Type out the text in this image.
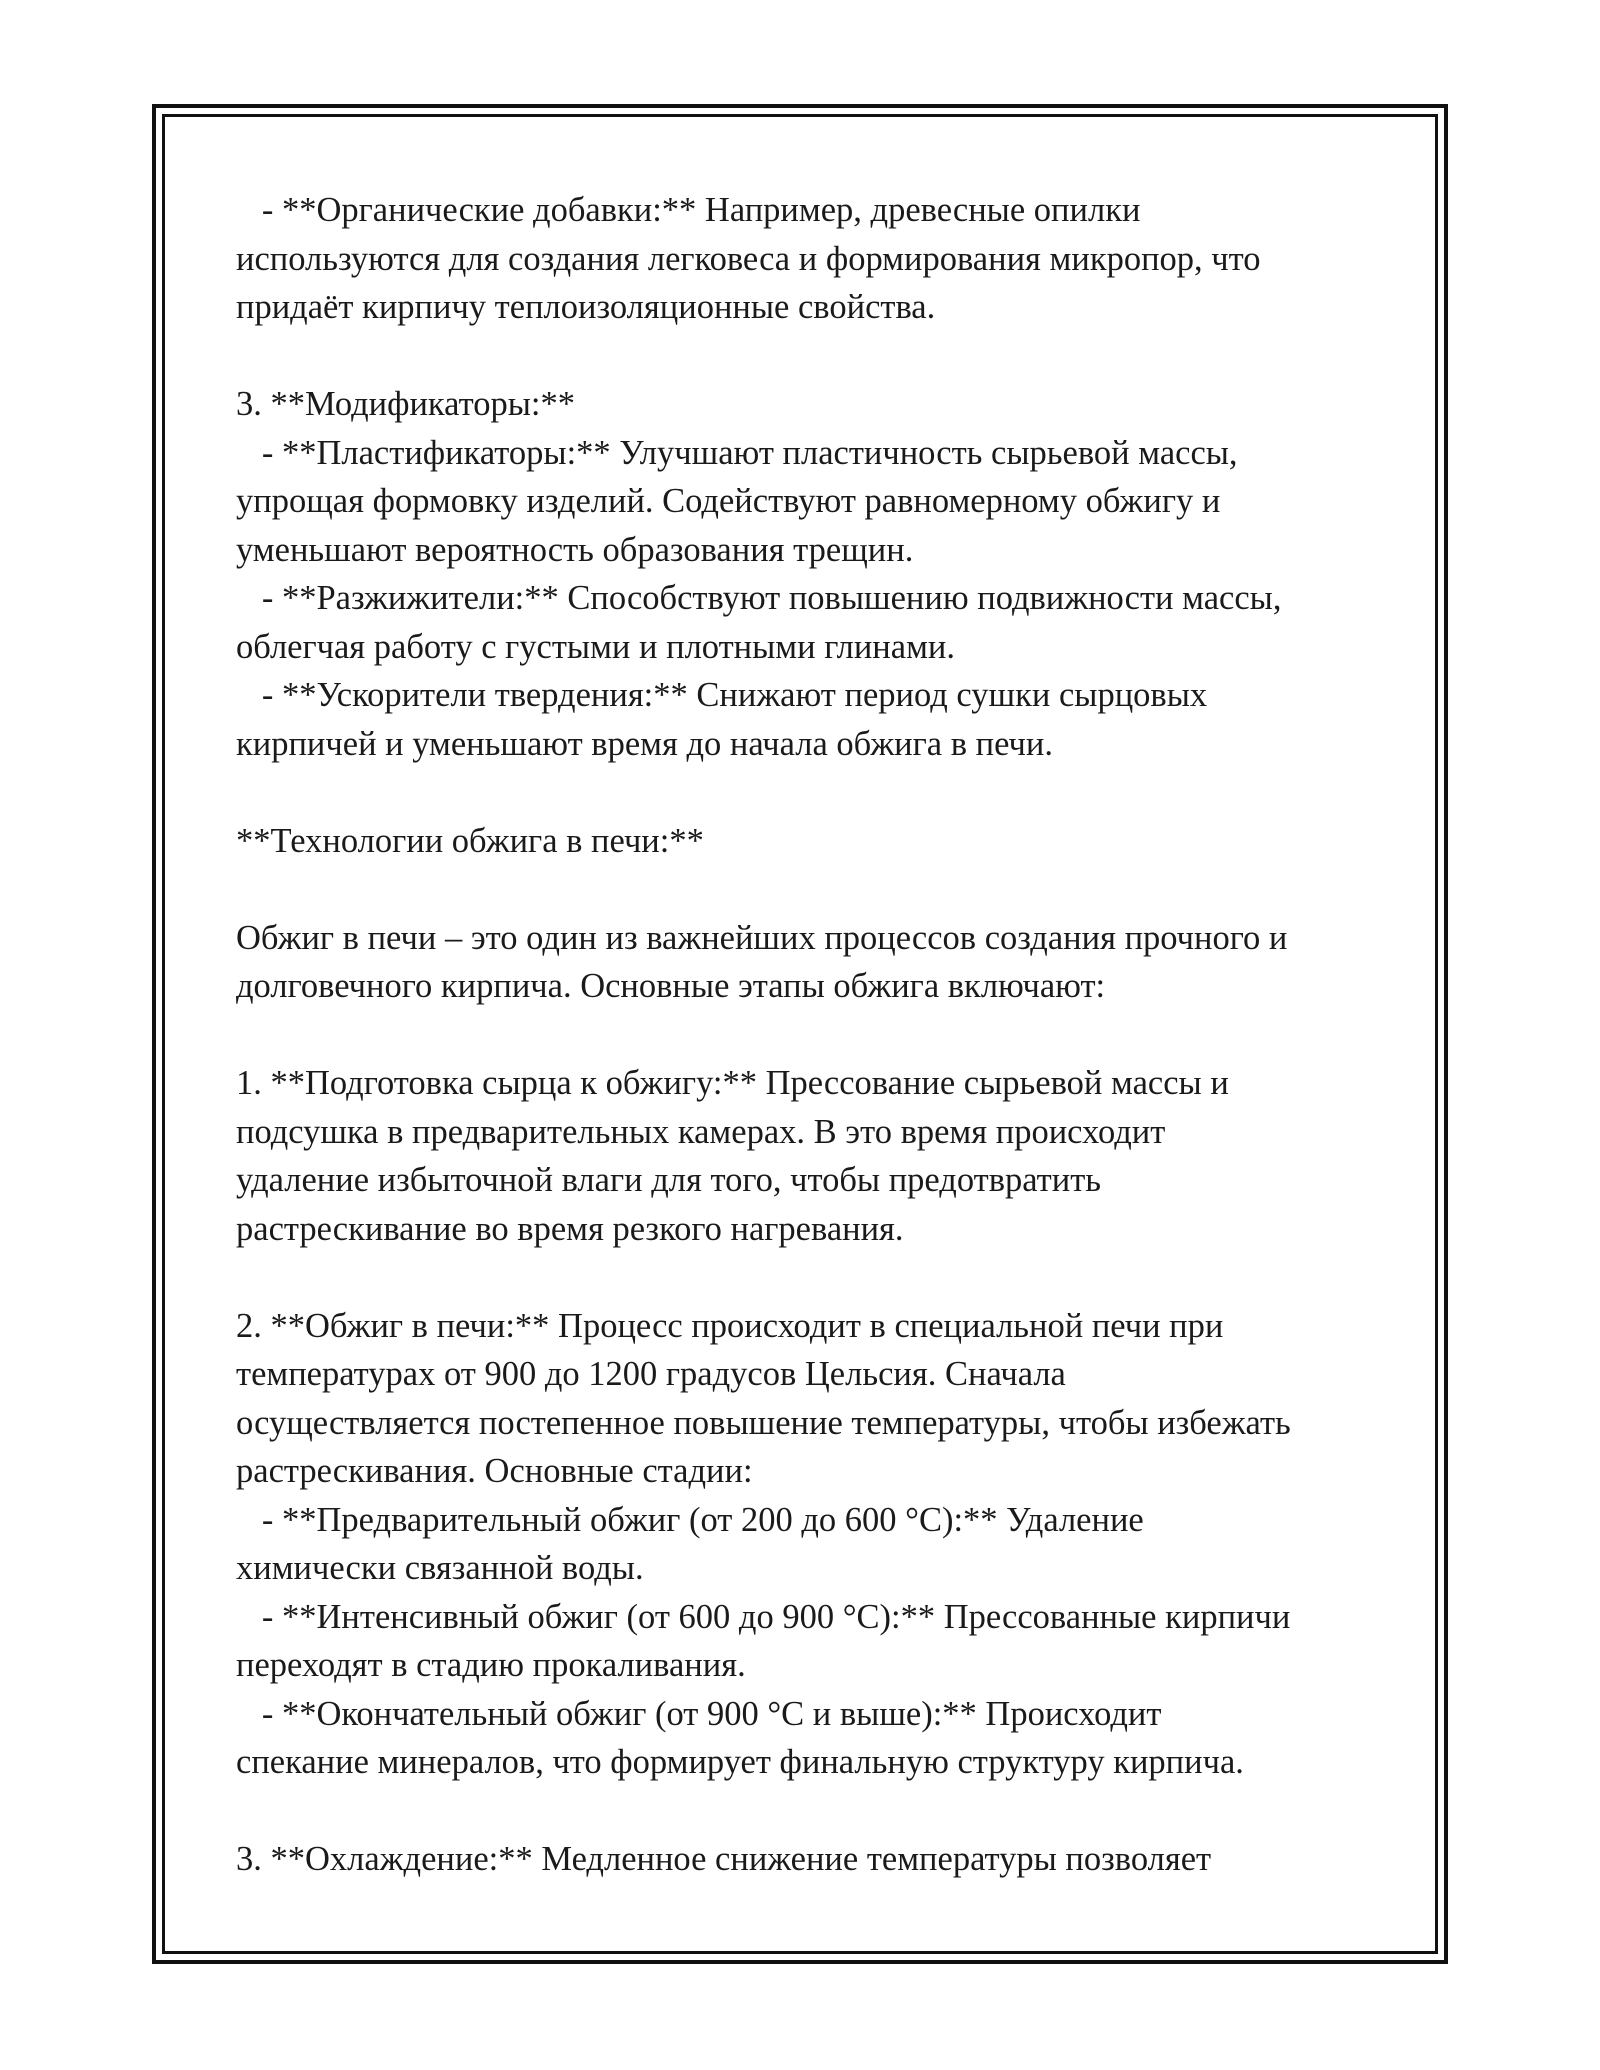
- **Органические добавки:** Например, древесные опилки

используются для создания легковеса и формирования микропор, что

придаёт кирпичу теплоизоляционные свойства.

3. **Модификаторы:**

- **Пластификаторы:** Улучшают пластичность сырьевой массы,

упрощая формовку изделий. Содействуют равномерному обжигу и

уменьшают вероятность образования трещин.

- **Разжижители:** Способствуют повышению подвижности массы,

облегчая работу с густыми и плотными глинами.

- **Ускорители твердения:** Снижают период сушки сырцовых

кирпичей и уменьшают время до начала обжига в печи.

**Технологии обжига в печи:**

Обжиг в печи – это один из важнейших процессов создания прочного и

долговечного кирпича. Основные этапы обжига включают:

1. **Подготовка сырца к обжигу:** Прессование сырьевой массы и

подсушка в предварительных камерах. В это время происходит

удаление избыточной влаги для того, чтобы предотвратить

растрескивание во время резкого нагревания.

2. **Обжиг в печи:** Процесс происходит в специальной печи при

температурах от 900 до 1200 градусов Цельсия. Сначала

осуществляется постепенное повышение температуры, чтобы избежать

растрескивания. Основные стадии:

- **Предварительный обжиг (от 200 до 600 °С):** Удаление

химически связанной воды.

- **Интенсивный обжиг (от 600 до 900 °С):** Прессованные кирпичи

переходят в стадию прокаливания.

- **Окончательный обжиг (от 900 °С и выше):** Происходит

спекание минералов, что формирует финальную структуру кирпича.

3. **Охлаждение:** Медленное снижение температуры позволяет
